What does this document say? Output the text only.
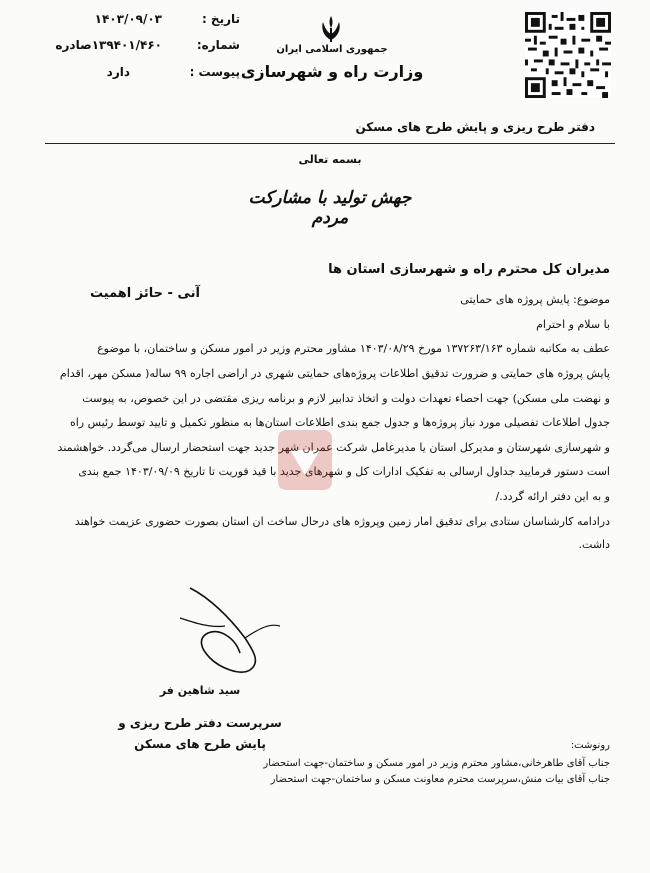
تاریخ :
۱۴۰۳/۰۹/۰۳
شماره:
۱۳۹۴۰۱/۴۶۰صادره
پیوست :
دارد
جمهوری اسلامی ایران
وزارت راه و شهرسازی
دفتر طرح ریزی و پایش طرح های مسکن
بسمه تعالی
جهش تولید با مشارکت مردم
مدیران کل محترم راه و شهرسازی استان ها
آنی - حائز اهمیت	موضوع: پایش پروژه های حمایتی
با سلام و احترام
عطف به مکاتبه شماره ۱۳۷۲۶۳/۱۶۳ مورخ ۱۴۰۳/۰۸/۲۹ مشاور محترم وزیر در امور مسکن و ساختمان، با موضوع
پایش پروژه های حمایتی و ضرورت تدقیق اطلاعات پروژه‌های حمایتی شهری در اراضی اجاره ۹۹ ساله( مسکن مهر، اقدام
و نهضت ملی مسکن) جهت احصاء تعهدات دولت و اتخاذ تدابیر لازم و برنامه ریزی مقتضی در این خصوص، به پیوست
جدول اطلاعات تفصیلی مورد نیاز پروژه‌ها و جدول جمع بندی اطلاعات استان‌ها به منظور تکمیل و تایید توسط رئیس راه
و شهرسازی شهرستان و مدیرکل استان یا مدیرعامل شرکت عمران شهر جدید جهت استحضار ارسال می‌گردد. خواهشمند
است دستور فرمایید جداول ارسالی به تفکیک ادارات کل و شهرهای جدید با قید فوریت تا تاریخ ۱۴۰۳/۰۹/۰۹ جمع بندی
و به این دفتر ارائه گردد./
درادامه کارشناسان ستادی برای تدقیق امار زمین وپروژه های درحال ساخت ان استان بصورت حضوری عزیمت خواهند
داشت.
سید شاهین فر
سرپرست دفتر طرح ریزی و
پایش طرح های مسکن	رونوشت:
جناب آقای طاهرخانی،مشاور محترم وزیر در امور مسکن و ساختمان-جهت استحضار
جناب آقای بیات منش،سرپرست محترم معاونت مسکن و ساختمان-جهت استحضار
